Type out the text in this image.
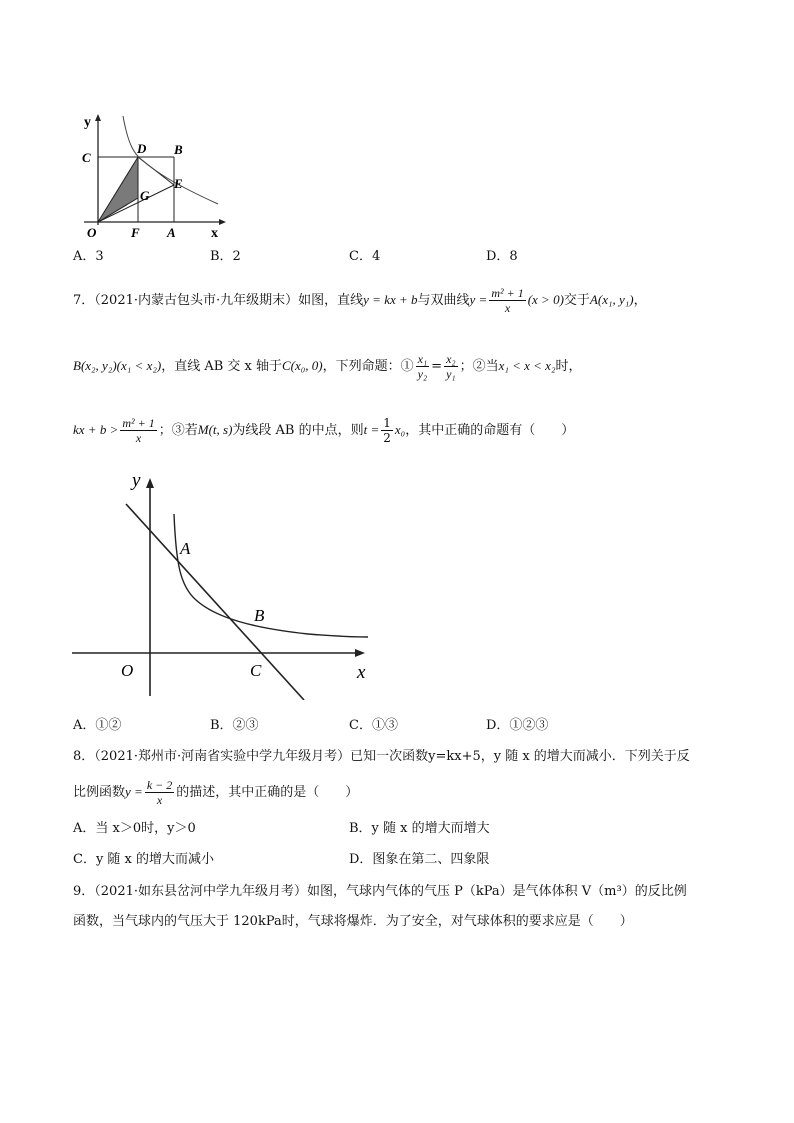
y
C
D B
E
G
O	F A	x
A．3	B．2	C．4	D．8
7．（2021·内蒙古包头市·九年级期末）如图，直线y = kx + b与双曲线$y = \frac{\text{m² + 1}}{x} (x > 0)$交于A(x₁, y₁)，
B(x₂, y₂)(x₁ < x₂)，直线 AB 交 x 轴于C(x₀, 0)，下列命题：① $\frac{\text{x₁}}{\text{y₂}} = \frac{\text{x₂}}{\text{y₁}}$ ；②当x₁ < x < x₂时，
kx + $b > \frac{\text{m² + 1}}{x}$ ；③若M(t, s)为线段 AB 的中点，则$t = \frac{1}{2} x_0$，其中正确的命题有（　　）
y
A
B
O	C	x
A．①②	B．②③	C．①③	D．①②③
8．（2021·郑州市·河南省实验中学九年级月考）已知一次函数y=kx+5，y 随 x 的增大而减小．下列关于反
比例函数$y = \frac{k - 2}{x}$ 的描述，其中正确的是（　　）
A．当 x＞0时，y＞0	B．y 随 x 的增大而增大
C．y 随 x 的增大而减小	D．图象在第二、四象限
9．（2021·如东县岔河中学九年级月考）如图，气球内气体的气压 P（kPa）是气体体积 V（m³）的反比例
函数，当气球内的气压大于 120kPa时，气球将爆炸．为了安全，对气球体积的要求应是（　　）
